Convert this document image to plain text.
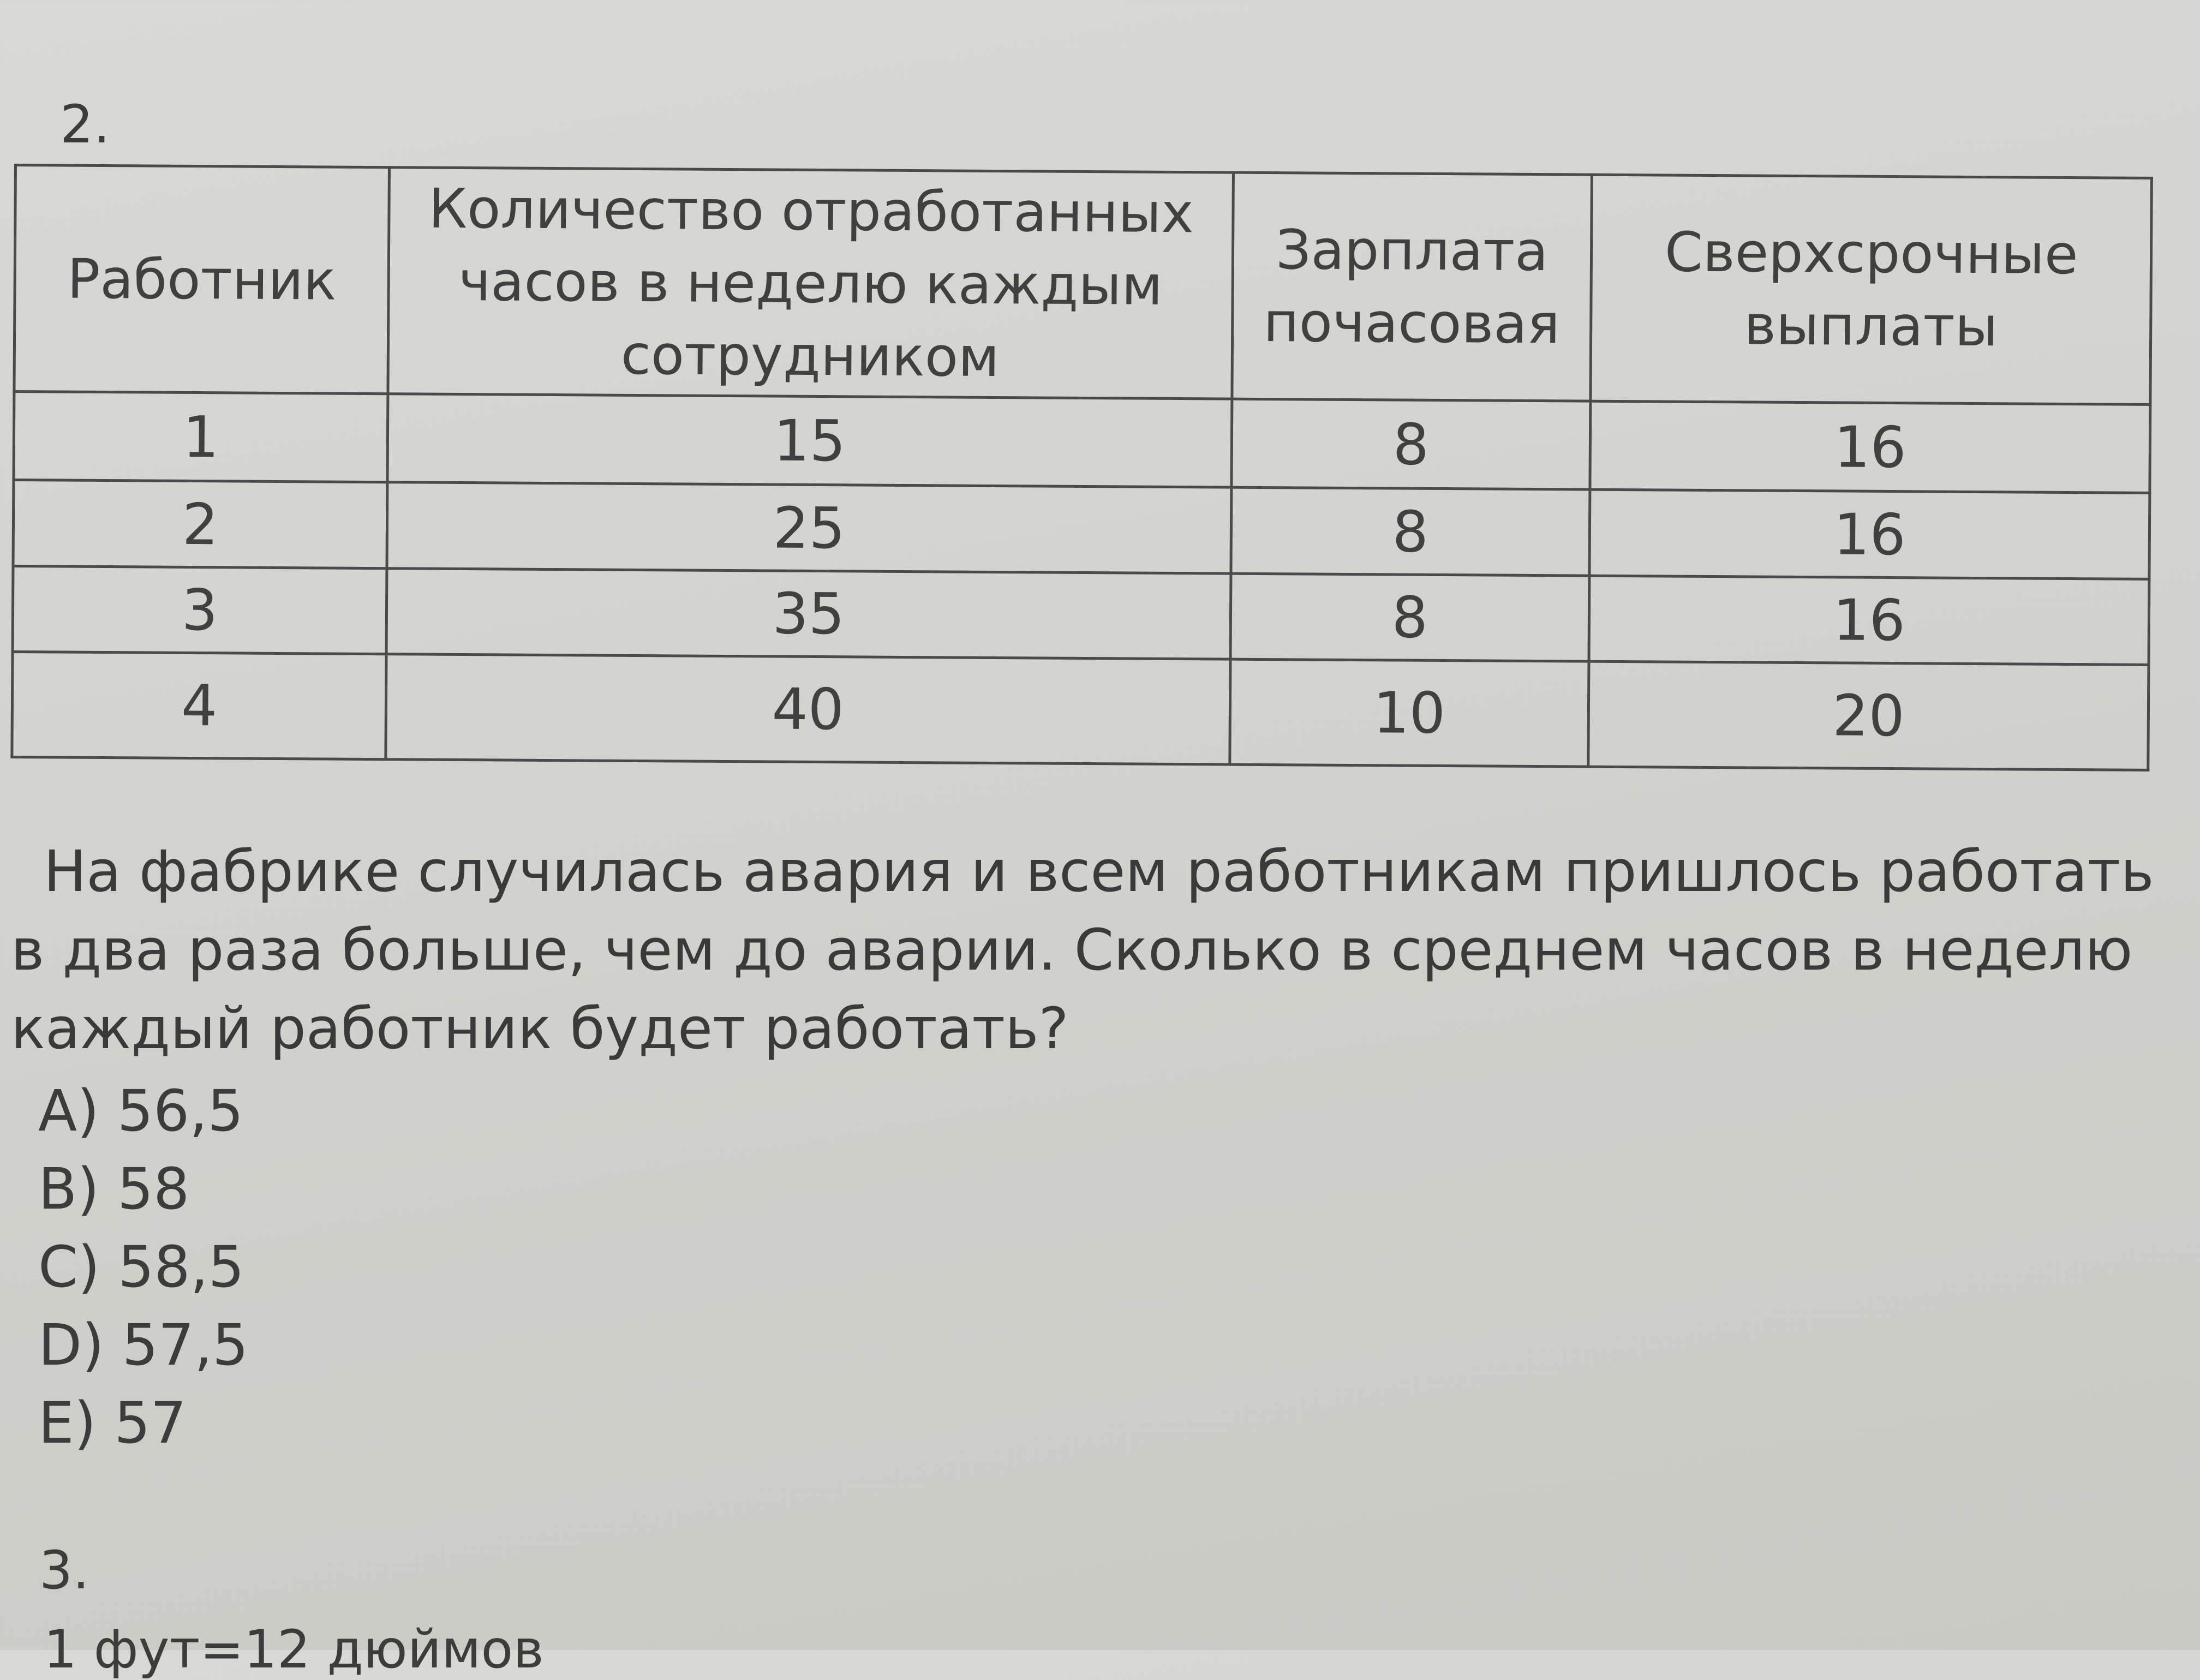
2.
Работник	Количество отработанных часов в неделю каждым сотрудником	Зарплата почасовая	Сверхсрочные выплаты
1	15	8	16
2	25	8	16
3	35	8	16
4	40	10	20
На фабрике случилась авария и всем работникам пришлось работать
в два раза больше, чем до аварии. Сколько в среднем часов в неделю
каждый работник будет работать?
A) 56,5
B) 58
C) 58,5
D) 57,5
E) 57
3.
1 фут=12 дюймов
